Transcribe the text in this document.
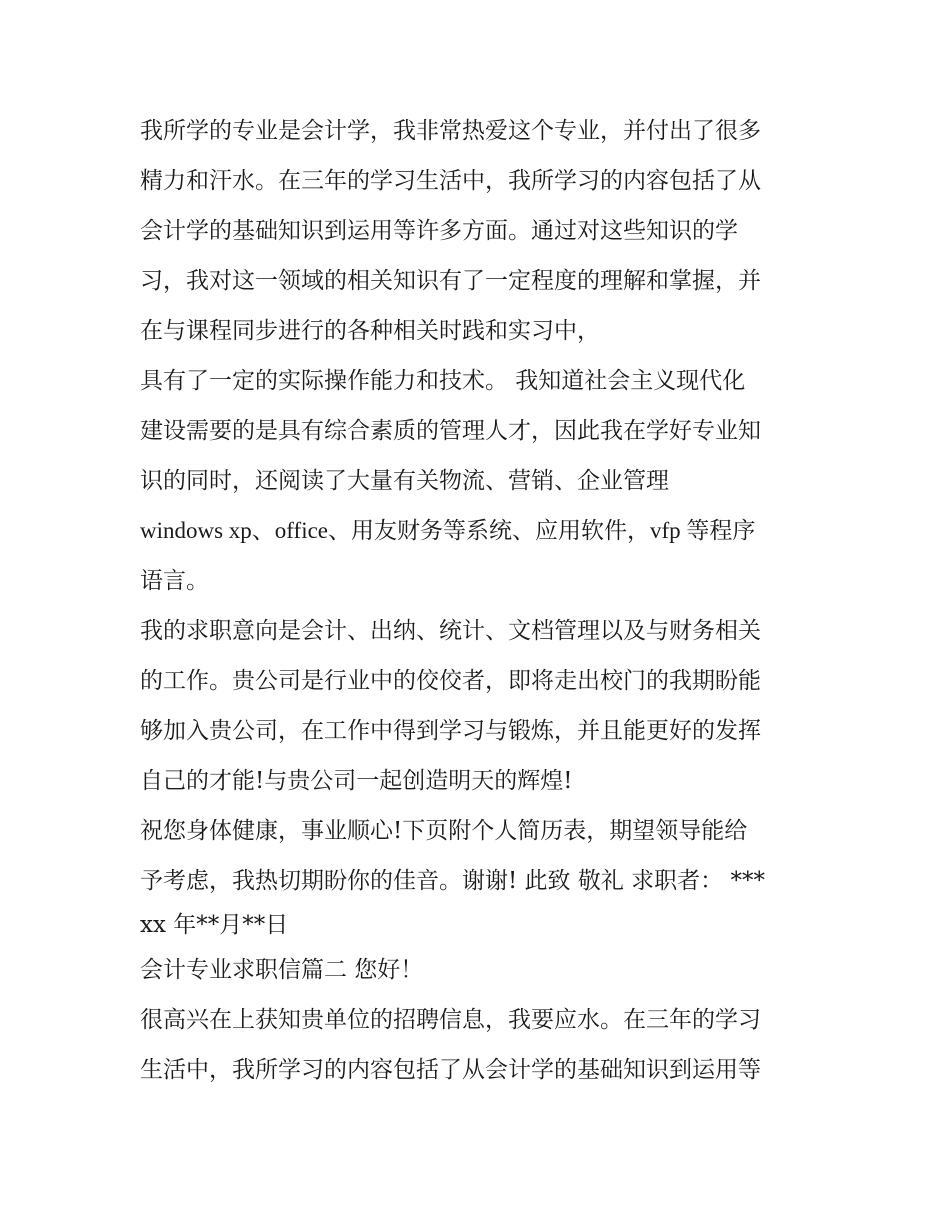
我所学的专业是会计学，我非常热爱这个专业，并付出了很多
精力和汗水。在三年的学习生活中，我所学习的内容包括了从
会计学的基础知识到运用等许多方面。通过对这些知识的学
习，我对这一领域的相关知识有了一定程度的理解和掌握，并
在与课程同步进行的各种相关时践和实习中，
具有了一定的实际操作能力和技术。 我知道社会主义现代化
建设需要的是具有综合素质的管理人才，因此我在学好专业知
识的同时，还阅读了大量有关物流、营销、企业管理
windows xp、office、用友财务等系统、应用软件，vfp 等程序
语言。
我的求职意向是会计、出纳、统计、文档管理以及与财务相关
的工作。贵公司是行业中的佼佼者，即将走出校门的我期盼能
够加入贵公司，在工作中得到学习与锻炼，并且能更好的发挥
自己的才能!与贵公司一起创造明天的辉煌!
祝您身体健康，事业顺心!下页附个人简历表，期望领导能给
予考虑，我热切期盼你的佳音。谢谢! 此致 敬礼 求职者： ***
xx 年**月**日
会计专业求职信篇二 您好！
很高兴在上获知贵单位的招聘信息，我要应水。在三年的学习
生活中，我所学习的内容包括了从会计学的基础知识到运用等
